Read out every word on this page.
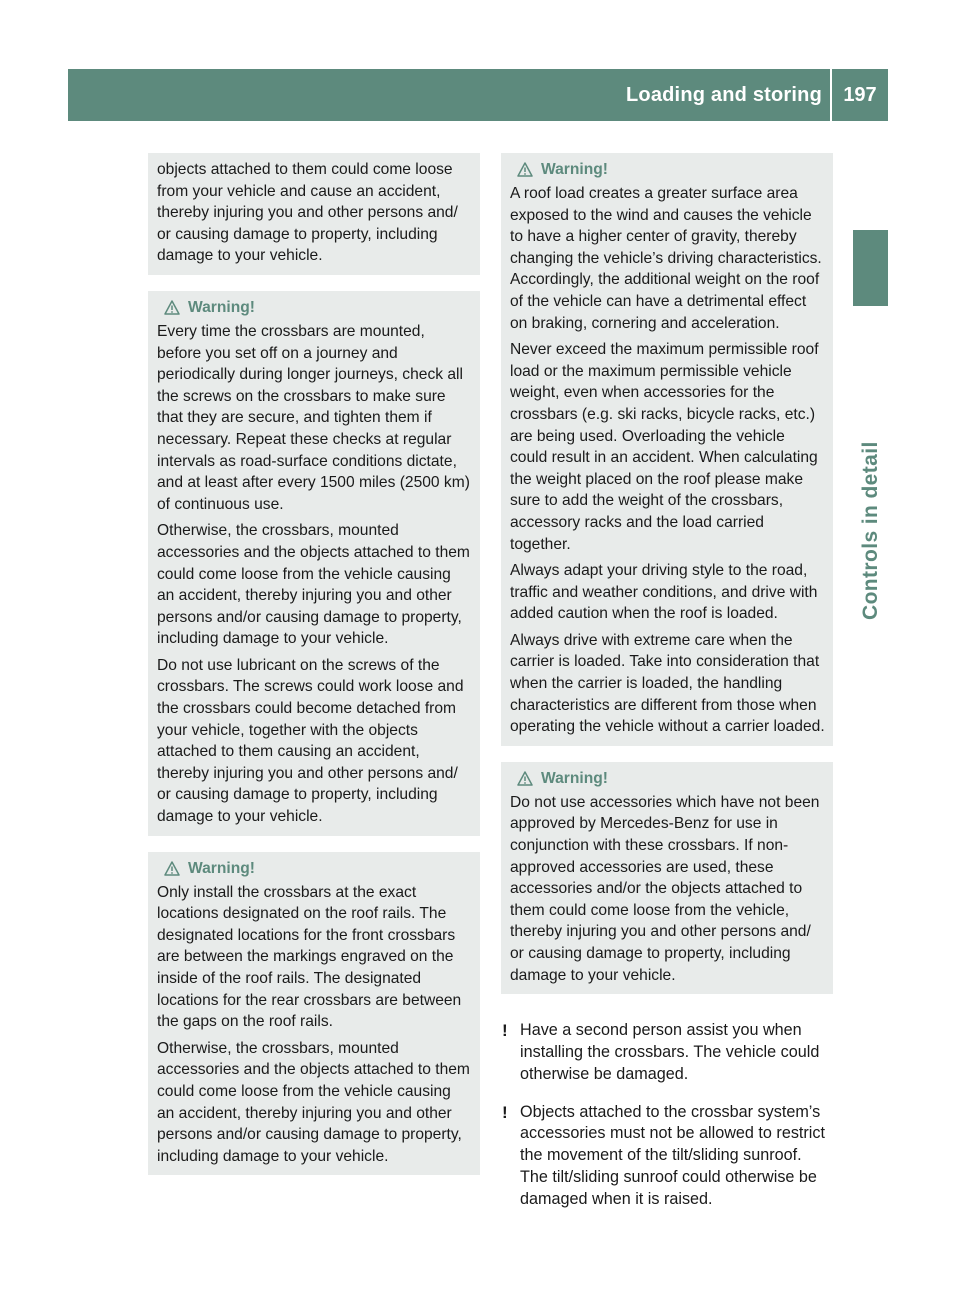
Loading and storing	197
Controls in detail

objects attached to them could come loose from your vehicle and cause an accident, thereby injuring you and other persons and/ or causing damage to property, including damage to your vehicle.

Warning!

Every time the crossbars are mounted, before you set off on a journey and periodically during longer journeys, check all the screws on the crossbars to make sure that they are secure, and tighten them if necessary. Repeat these checks at regular intervals as road-surface conditions dictate, and at least after every 1500 miles (2500 km) of continuous use.

Otherwise, the crossbars, mounted accessories and the objects attached to them could come loose from the vehicle causing an accident, thereby injuring you and other persons and/or causing damage to property, including damage to your vehicle.

Do not use lubricant on the screws of the crossbars. The screws could work loose and the crossbars could become detached from your vehicle, together with the objects attached to them causing an accident, thereby injuring you and other persons and/ or causing damage to property, including damage to your vehicle.

Warning!

Only install the crossbars at the exact locations designated on the roof rails. The designated locations for the front crossbars are between the markings engraved on the inside of the roof rails. The designated locations for the rear crossbars are between the gaps on the roof rails.

Otherwise, the crossbars, mounted accessories and the objects attached to them could come loose from the vehicle causing an accident, thereby injuring you and other persons and/or causing damage to property, including damage to your vehicle.

Warning!

A roof load creates a greater surface area exposed to the wind and causes the vehicle to have a higher center of gravity, thereby changing the vehicle’s driving characteristics. Accordingly, the additional weight on the roof of the vehicle can have a detrimental effect on braking, cornering and acceleration.

Never exceed the maximum permissible roof load or the maximum permissible vehicle weight, even when accessories for the crossbars (e.g. ski racks, bicycle racks, etc.) are being used. Overloading the vehicle could result in an accident. When calculating the weight placed on the roof please make sure to add the weight of the crossbars, accessory racks and the load carried together.

Always adapt your driving style to the road, traffic and weather conditions, and drive with added caution when the roof is loaded.

Always drive with extreme care when the carrier is loaded. Take into consideration that when the carrier is loaded, the handling characteristics are different from those when operating the vehicle without a carrier loaded.

Warning!

Do not use accessories which have not been approved by Mercedes-Benz for use in conjunction with these crossbars. If non-approved accessories are used, these accessories and/or the objects attached to them could come loose from the vehicle, thereby injuring you and other persons and/ or causing damage to property, including damage to your vehicle.

! Have a second person assist you when installing the crossbars. The vehicle could otherwise be damaged.
! Objects attached to the crossbar system’s accessories must not be allowed to restrict the movement of the tilt/sliding sunroof. The tilt/sliding sunroof could otherwise be damaged when it is raised.
